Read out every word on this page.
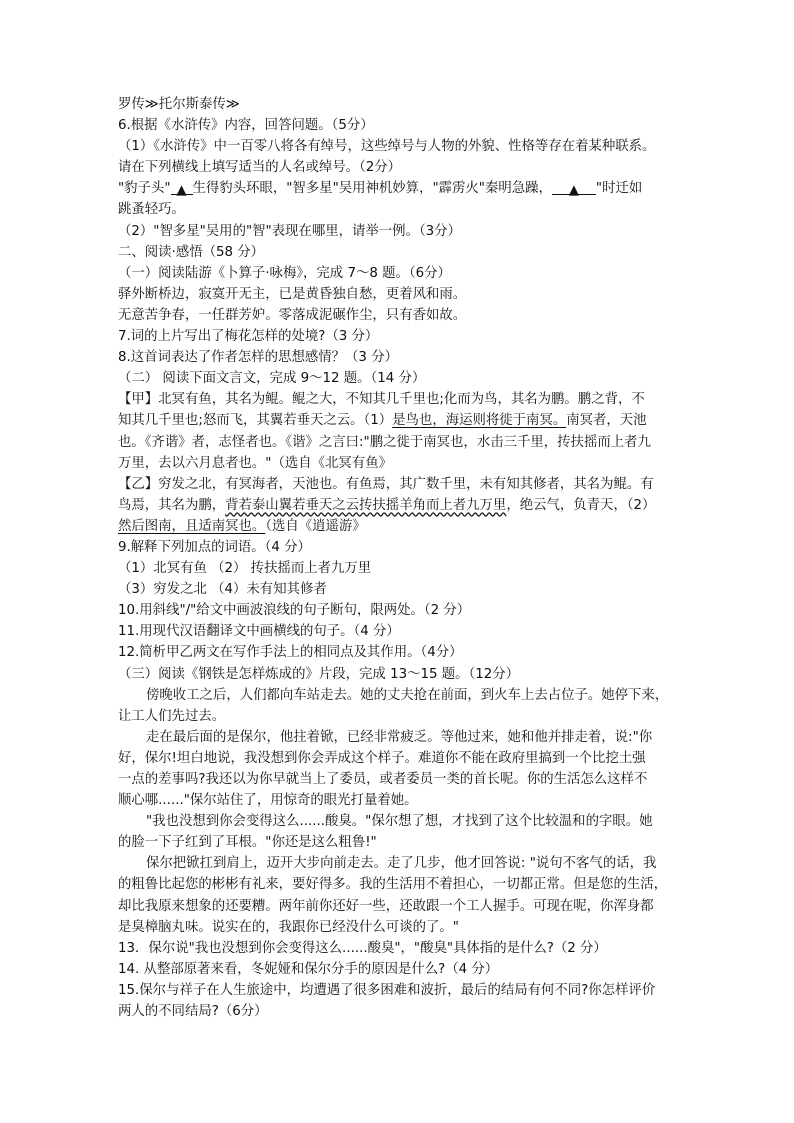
罗传≫托尔斯泰传≫
6.根据《水浒传》内容，回答问题。（5分）
（1）《水浒传》中一百零八将各有绰号，这些绰号与人物的外貌、性格等存在着某种联系。
请在下列横线上填写适当的人名或绰号。（2分）
"豹子头" ▲ 生得豹头环眼，"智多星"吴用神机妙算，"霹雳火"秦明急躁， ▲ "时迁如
跳蚤轻巧。
（2）"智多星"吴用的"智"表现在哪里，请举一例。（3分）
二、阅读·感悟（58 分）
（一）阅读陆游《卜算子·咏梅》，完成 7～8 题。（6分）
驿外断桥边，寂寞开无主，已是黄昏独自愁，更着风和雨。
无意苦争春，一任群芳妒。零落成泥碾作尘，只有香如故。
7.词的上片写出了梅花怎样的处境?（3 分）
8.这首词表达了作者怎样的思想感情？（3 分）
（二） 阅读下面文言文，完成 9～12 题。（14 分）
【甲】北冥有鱼，其名为鲲。鲲之大，不知其几千里也;化而为鸟，其名为鹏。鹏之背，不
知其几千里也;怒而飞，其翼若垂天之云。（1）是鸟也，海运则将徙于南冥。南冥者，天池
也。《齐谐》者，志怪者也。《谐》之言曰:"鹏之徙于南冥也，水击三千里，抟扶摇而上者九
万里，去以六月息者也。"（选自《北冥有鱼》
【乙】穷发之北，有冥海者，天池也。有鱼焉，其广数千里，未有知其修者，其名为鲲。有
鸟焉，其名为鹏，背若泰山翼若垂天之云抟扶摇羊角而上者九万里，绝云气，负青天，（2）
然后图南，且适南冥也。（选自《逍遥游》
9.解释下列加点的词语。（4 分）
（1）北冥有鱼 （2） 抟扶摇而上者九万里
（3）穷发之北 （4）未有知其修者
10.用斜线"/"给文中画波浪线的句子断句，限两处。（2 分）
11.用现代汉语翻译文中画横线的句子。（4 分）
12.简析甲乙两文在写作手法上的相同点及其作用。（4分）
（三）阅读《钢铁是怎样炼成的》片段，完成 13～15 题。（12分）
傍晚收工之后，人们都向车站走去。她的丈夫抢在前面，到火车上去占位子。她停下来，
让工人们先过去。
走在最后面的是保尔，他拄着锨，已经非常疲乏。等他过来，她和他并排走着，说:"你
好，保尔!坦白地说，我没想到你会弄成这个样子。难道你不能在政府里搞到一个比挖土强
一点的差事吗?我还以为你早就当上了委员，或者委员一类的首长呢。你的生活怎么这样不
顺心哪......"保尔站住了，用惊奇的眼光打量着她。
"我也没想到你会变得这么......酸臭。"保尔想了想，才找到了这个比较温和的字眼。她
的脸一下子红到了耳根。"你还是这么粗鲁!"
保尔把锨扛到肩上，迈开大步向前走去。走了几步，他才回答说: "说句不客气的话，我
的粗鲁比起您的彬彬有礼来，要好得多。我的生活用不着担心，一切都正常。但是您的生活，
却比我原来想象的还要糟。两年前你还好一些，还敢跟一个工人握手。可现在呢，你浑身都
是臭樟脑丸味。说实在的，我跟你已经没什么可谈的了。"
13．保尔说"我也没想到你会变得这么......酸臭"，"酸臭"具体指的是什么?（2 分）
14. 从整部原著来看，冬妮娅和保尔分手的原因是什么?（4 分）
15.保尔与祥子在人生旅途中，均遭遇了很多困难和波折，最后的结局有何不同?你怎样评价
两人的不同结局?（6分）
